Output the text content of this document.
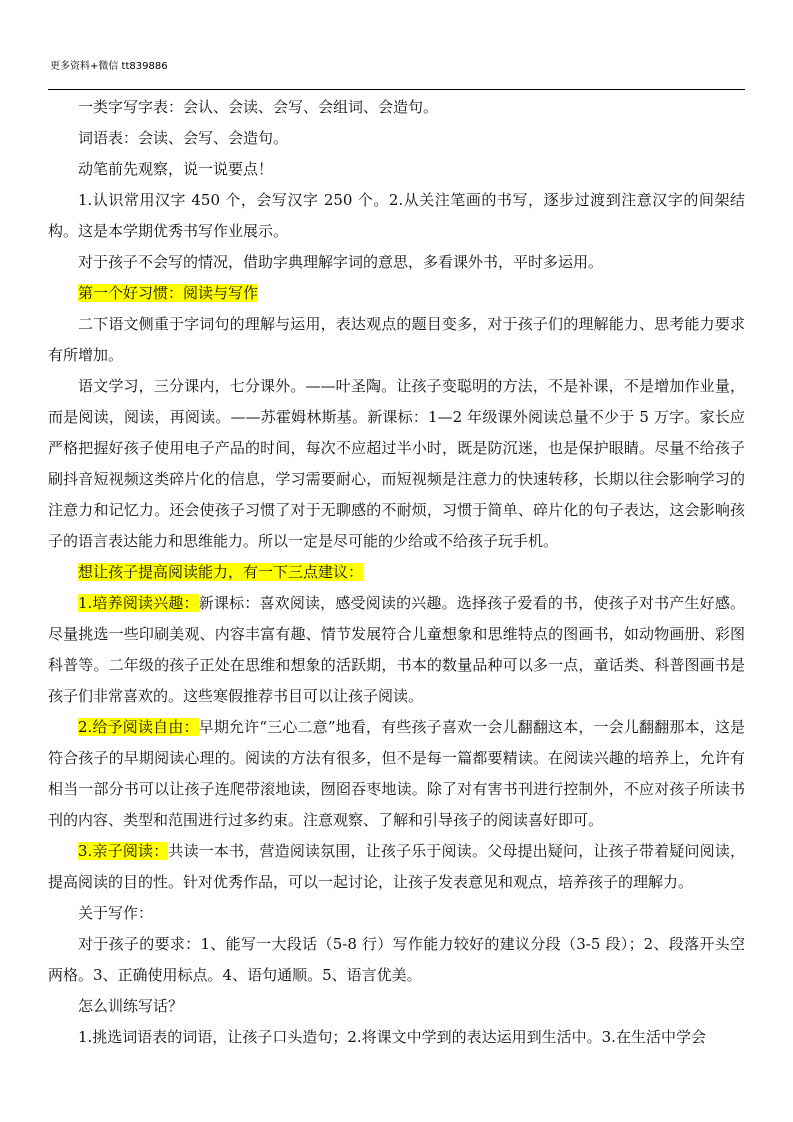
更多资料+微信 tt839886

一类字写字表：会认、会读、会写、会组词、会造句。

词语表：会读、会写、会造句。

动笔前先观察，说一说要点！

1.认识常用汉字 450 个，会写汉字 250 个。2.从关注笔画的书写，逐步过渡到注意汉字的间架结构。这是本学期优秀书写作业展示。

对于孩子不会写的情况，借助字典理解字词的意思，多看课外书，平时多运用。

第一个好习惯：阅读与写作

二下语文侧重于字词句的理解与运用，表达观点的题目变多，对于孩子们的理解能力、思考能力要求有所增加。

语文学习，三分课内，七分课外。——叶圣陶。让孩子变聪明的方法，不是补课，不是增加作业量，而是阅读，阅读，再阅读。——苏霍姆林斯基。新课标：1—2 年级课外阅读总量不少于 5 万字。家长应严格把握好孩子使用电子产品的时间，每次不应超过半小时，既是防沉迷，也是保护眼睛。尽量不给孩子刷抖音短视频这类碎片化的信息，学习需要耐心，而短视频是注意力的快速转移，长期以往会影响学习的注意力和记忆力。还会使孩子习惯了对于无聊感的不耐烦，习惯于简单、碎片化的句子表达，这会影响孩子的语言表达能力和思维能力。所以一定是尽可能的少给或不给孩子玩手机。

想让孩子提高阅读能力，有一下三点建议：

1.培养阅读兴趣：新课标：喜欢阅读，感受阅读的兴趣。选择孩子爱看的书，使孩子对书产生好感。尽量挑选一些印刷美观、内容丰富有趣、情节发展符合儿童想象和思维特点的图画书，如动物画册、彩图科普等。二年级的孩子正处在思维和想象的活跃期，书本的数量品种可以多一点，童话类、科普图画书是孩子们非常喜欢的。这些寒假推荐书目可以让孩子阅读。

2.给予阅读自由：早期允许“三心二意”地看，有些孩子喜欢一会儿翻翻这本，一会儿翻翻那本，这是符合孩子的早期阅读心理的。阅读的方法有很多，但不是每一篇都要精读。在阅读兴趣的培养上，允许有相当一部分书可以让孩子连爬带滚地读，囫囵吞枣地读。除了对有害书刊进行控制外，不应对孩子所读书刊的内容、类型和范围进行过多约束。注意观察、了解和引导孩子的阅读喜好即可。

3.亲子阅读：共读一本书，营造阅读氛围，让孩子乐于阅读。父母提出疑问，让孩子带着疑问阅读，提高阅读的目的性。针对优秀作品，可以一起讨论，让孩子发表意见和观点，培养孩子的理解力。

关于写作：

对于孩子的要求：1、能写一大段话（5-8 行）写作能力较好的建议分段（3-5 段）；2、段落开头空两格。3、正确使用标点。4、语句通顺。5、语言优美。

怎么训练写话？

1.挑选词语表的词语，让孩子口头造句；2.将课文中学到的表达运用到生活中。3.在生活中学会
